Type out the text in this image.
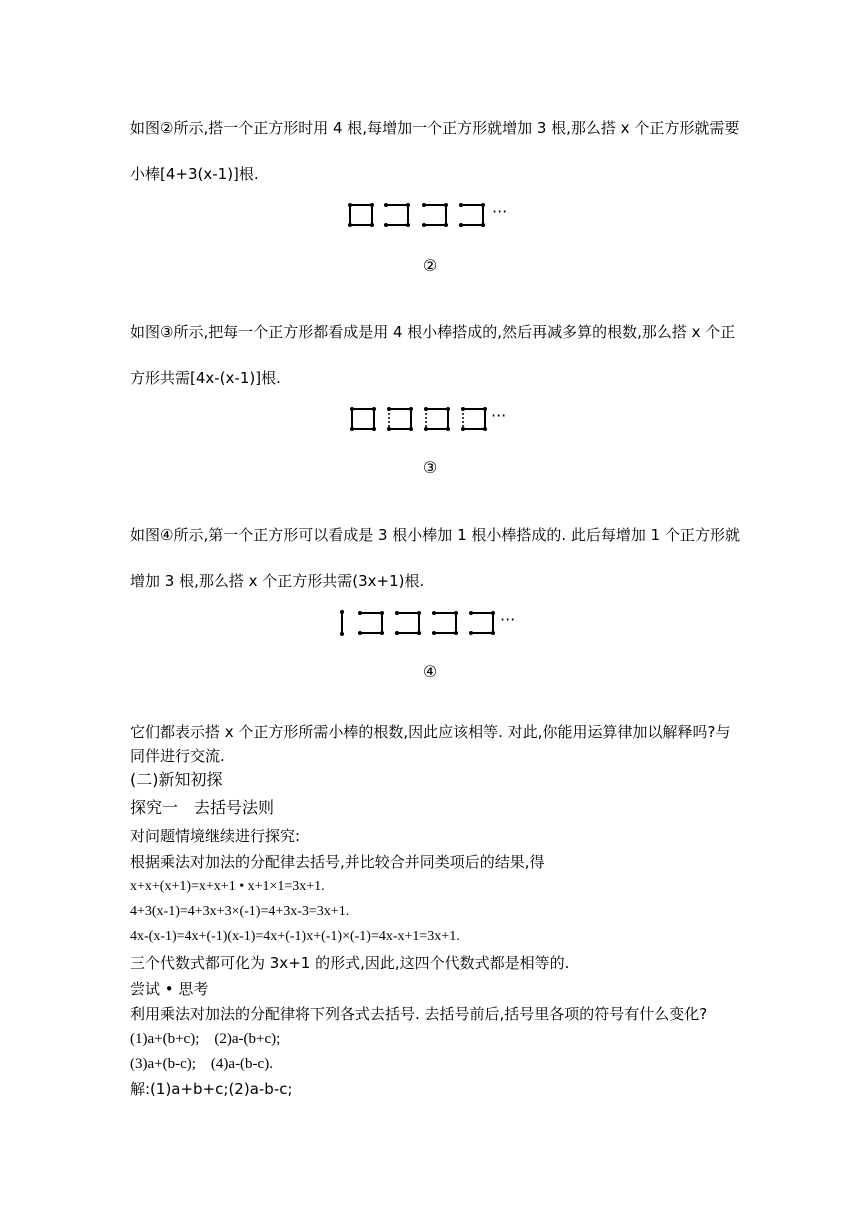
如图②所示,搭一个正方形时用 4 根,每增加一个正方形就增加 3 根,那么搭 x 个正方形就需要
小棒[4+3(x-1)]根.
···
②
如图③所示,把每一个正方形都看成是用 4 根小棒搭成的,然后再减多算的根数,那么搭 x 个正
方形共需[4x-(x-1)]根.
···
③
如图④所示,第一个正方形可以看成是 3 根小棒加 1 根小棒搭成的. 此后每增加 1 个正方形就
增加 3 根,那么搭 x 个正方形共需(3x+1)根.
···
④
它们都表示搭 x 个正方形所需小棒的根数,因此应该相等. 对此,你能用运算律加以解释吗?与
同伴进行交流.
(二)新知初探
探究一　去括号法则
对问题情境继续进行探究:
根据乘法对加法的分配律去括号,并比较合并同类项后的结果,得
x+x+(x+1)=x+x+1 • x+1×1=3x+1.
4+3(x-1)=4+3x+3×(-1)=4+3x-3=3x+1.
4x-(x-1)=4x+(-1)(x-1)=4x+(-1)x+(-1)×(-1)=4x-x+1=3x+1.
三个代数式都可化为 3x+1 的形式,因此,这四个代数式都是相等的.
尝试 • 思考
利用乘法对加法的分配律将下列各式去括号. 去括号前后,括号里各项的符号有什么变化?
(1)a+(b+c);　(2)a-(b+c);
(3)a+(b-c);　(4)a-(b-c).
解:(1)a+b+c;(2)a-b-c;
